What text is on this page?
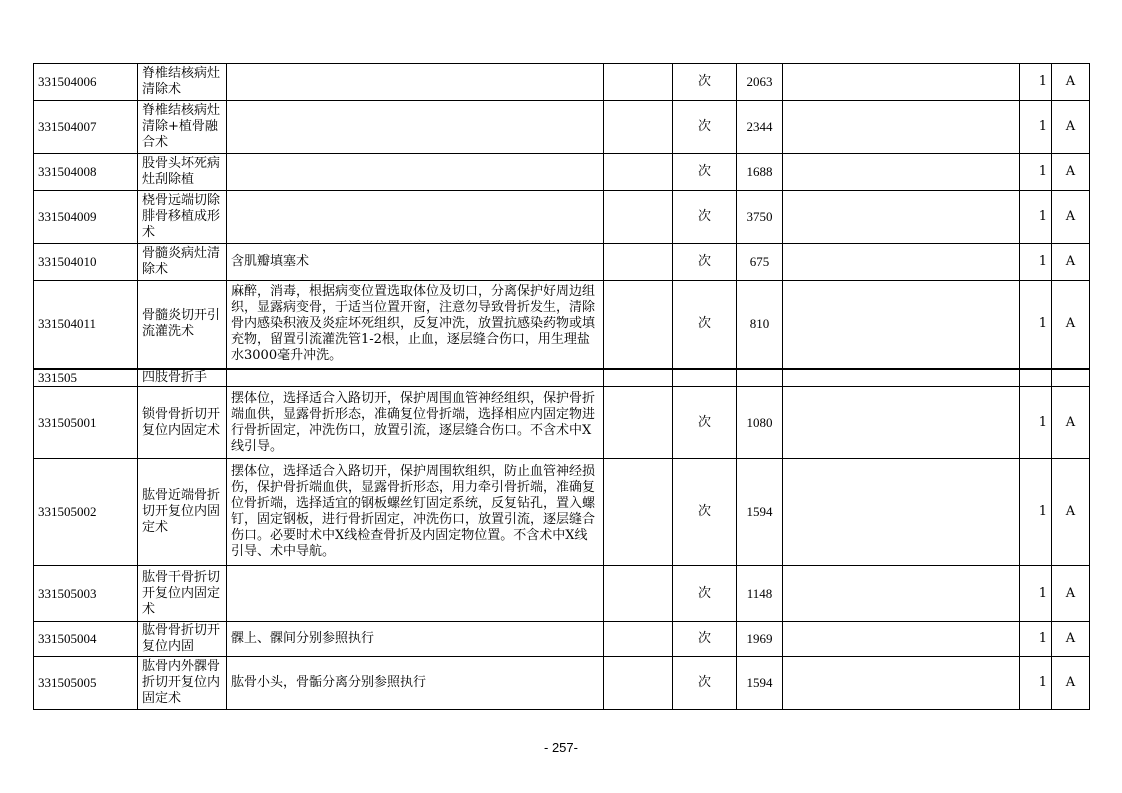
331504006	脊椎结核病灶清除术			次	2063		1	A
331504007	脊椎结核病灶清除+植骨融合术			次	2344		1	A
331504008	股骨头坏死病灶刮除植			次	1688		1	A
331504009	桡骨远端切除腓骨移植成形术			次	3750		1	A
331504010	骨髓炎病灶清除术	含肌瓣填塞术		次	675		1	A
331504011	骨髓炎切开引流灌洗术	麻醉，消毒，根据病变位置选取体位及切口，分离保护好周边组织，显露病变骨，于适当位置开窗，注意勿导致骨折发生，清除骨内感染积液及炎症坏死组织，反复冲洗，放置抗感染药物或填充物，留置引流灌洗管1-2根，止血，逐层缝合伤口，用生理盐水3000毫升冲洗。		次	810		1	A
331505	四肢骨折手							
331505001	锁骨骨折切开复位内固定术	摆体位，选择适合入路切开，保护周围血管神经组织，保护骨折端血供，显露骨折形态，准确复位骨折端，选择相应内固定物进行骨折固定，冲洗伤口，放置引流，逐层缝合伤口。不含术中X线引导。		次	1080		1	A
331505002	肱骨近端骨折切开复位内固定术	摆体位，选择适合入路切开，保护周围软组织，防止血管神经损伤，保护骨折端血供，显露骨折形态，用力牵引骨折端，准确复位骨折端，选择适宜的钢板螺丝钉固定系统，反复钻孔，置入螺钉，固定钢板，进行骨折固定，冲洗伤口，放置引流，逐层缝合伤口。必要时术中X线检查骨折及内固定物位置。不含术中X线引导、术中导航。		次	1594		1	A
331505003	肱骨干骨折切开复位内固定术			次	1148		1	A
331505004	肱骨骨折切开复位内固	髁上、髁间分别参照执行		次	1969		1	A
331505005	肱骨内外髁骨折切开复位内固定术	肱骨小头，骨骺分离分别参照执行		次	1594		1	A
- 257-
